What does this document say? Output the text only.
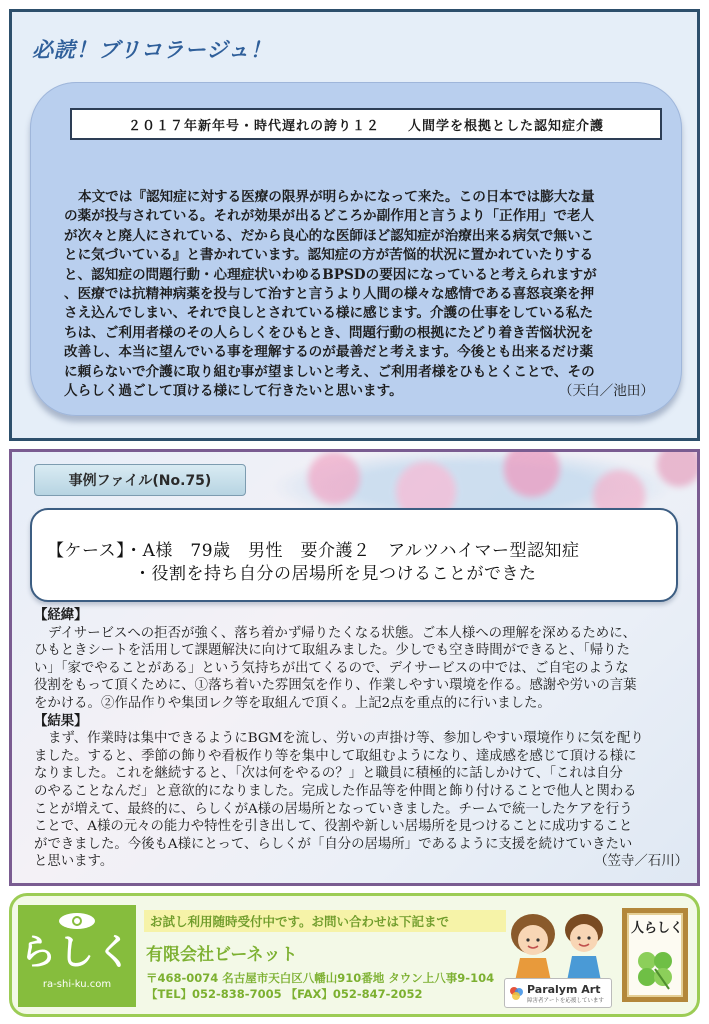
必読！ブリコラージュ！
２０１７年新年号・時代遅れの誇り１２　　人間学を根拠とした認知症介護

本文では『認知症に対する医療の限界が明らかになって来た。この日本では膨大な量

の薬が投与されている。それが効果が出るどころか副作用と言うより「正作用」で老人

が次々と廃人にされている、だから良心的な医師ほど認知症が治療出来る病気で無いこ

とに気づいている』と書かれています。認知症の方が苦悩的状況に置かれていたりする

と、認知症の問題行動・心理症状いわゆるBPSDの要因になっていると考えられますが

、医療では抗精神病薬を投与して治すと言うより人間の様々な感情である喜怒哀楽を押

さえ込んでしまい、それで良しとされている様に感じます。介護の仕事をしている私た

ちは、ご利用者様のその人らしくをひもとき、問題行動の根拠にたどり着き苦悩状況を

改善し、本当に望んでいる事を理解するのが最善だと考えます。今後とも出来るだけ薬

に頼らないで介護に取り組む事が望ましいと考え、ご利用者様をひもとくことで、その

人らしく過ごして頂ける様にして行きたいと思います。	（天白／池田）

事例ファイル(No.75)
【ケース】・A様　79歳　男性　要介護２　アルツハイマー型認知症
・役割を持ち自分の居場所を見つけることができた

【経緯】

デイサービスへの拒否が強く、落ち着かず帰りたくなる状態。ご本人様への理解を深めるために、

ひもときシートを活用して課題解決に向けて取組みました。少しでも空き時間ができると、「帰りた

い」「家でやることがある」という気持ちが出てくるので、デイサービスの中では、ご自宅のような

役割をもって頂くために、①落ち着いた雰囲気を作り、作業しやすい環境を作る。感謝や労いの言葉

をかける。②作品作りや集団レク等を取組んで頂く。上記2点を重点的に行いました。

【結果】

まず、作業時は集中できるようにBGMを流し、労いの声掛け等、参加しやすい環境作りに気を配り

ました。すると、季節の飾りや看板作り等を集中して取組むようになり、達成感を感じて頂ける様に

なりました。これを継続すると、「次は何をやるの？」と職員に積極的に話しかけて、「これは自分

のやることなんだ」と意欲的になりました。完成した作品等を仲間と飾り付けることで他人と関わる

ことが増えて、最終的に、らしくがA様の居場所となっていきました。チームで統一したケアを行う

ことで、A様の元々の能力や特性を引き出して、役割や新しい居場所を見つけることに成功すること

ができました。今後もA様にとって、らしくが「自分の居場所」であるように支援を続けていきたい

と思います。	（笠寺／石川）

らしく
ra-shi-ku.com
お試し利用随時受付中です。お問い合わせは下記まで
有限会社ビーネット
〒468-0074 名古屋市天白区八幡山910番地 タウン上八事9-104
【TEL】052-838-7005 【FAX】052-847-2052	Paralym Art
障害者アートを応援しています
人らしく
